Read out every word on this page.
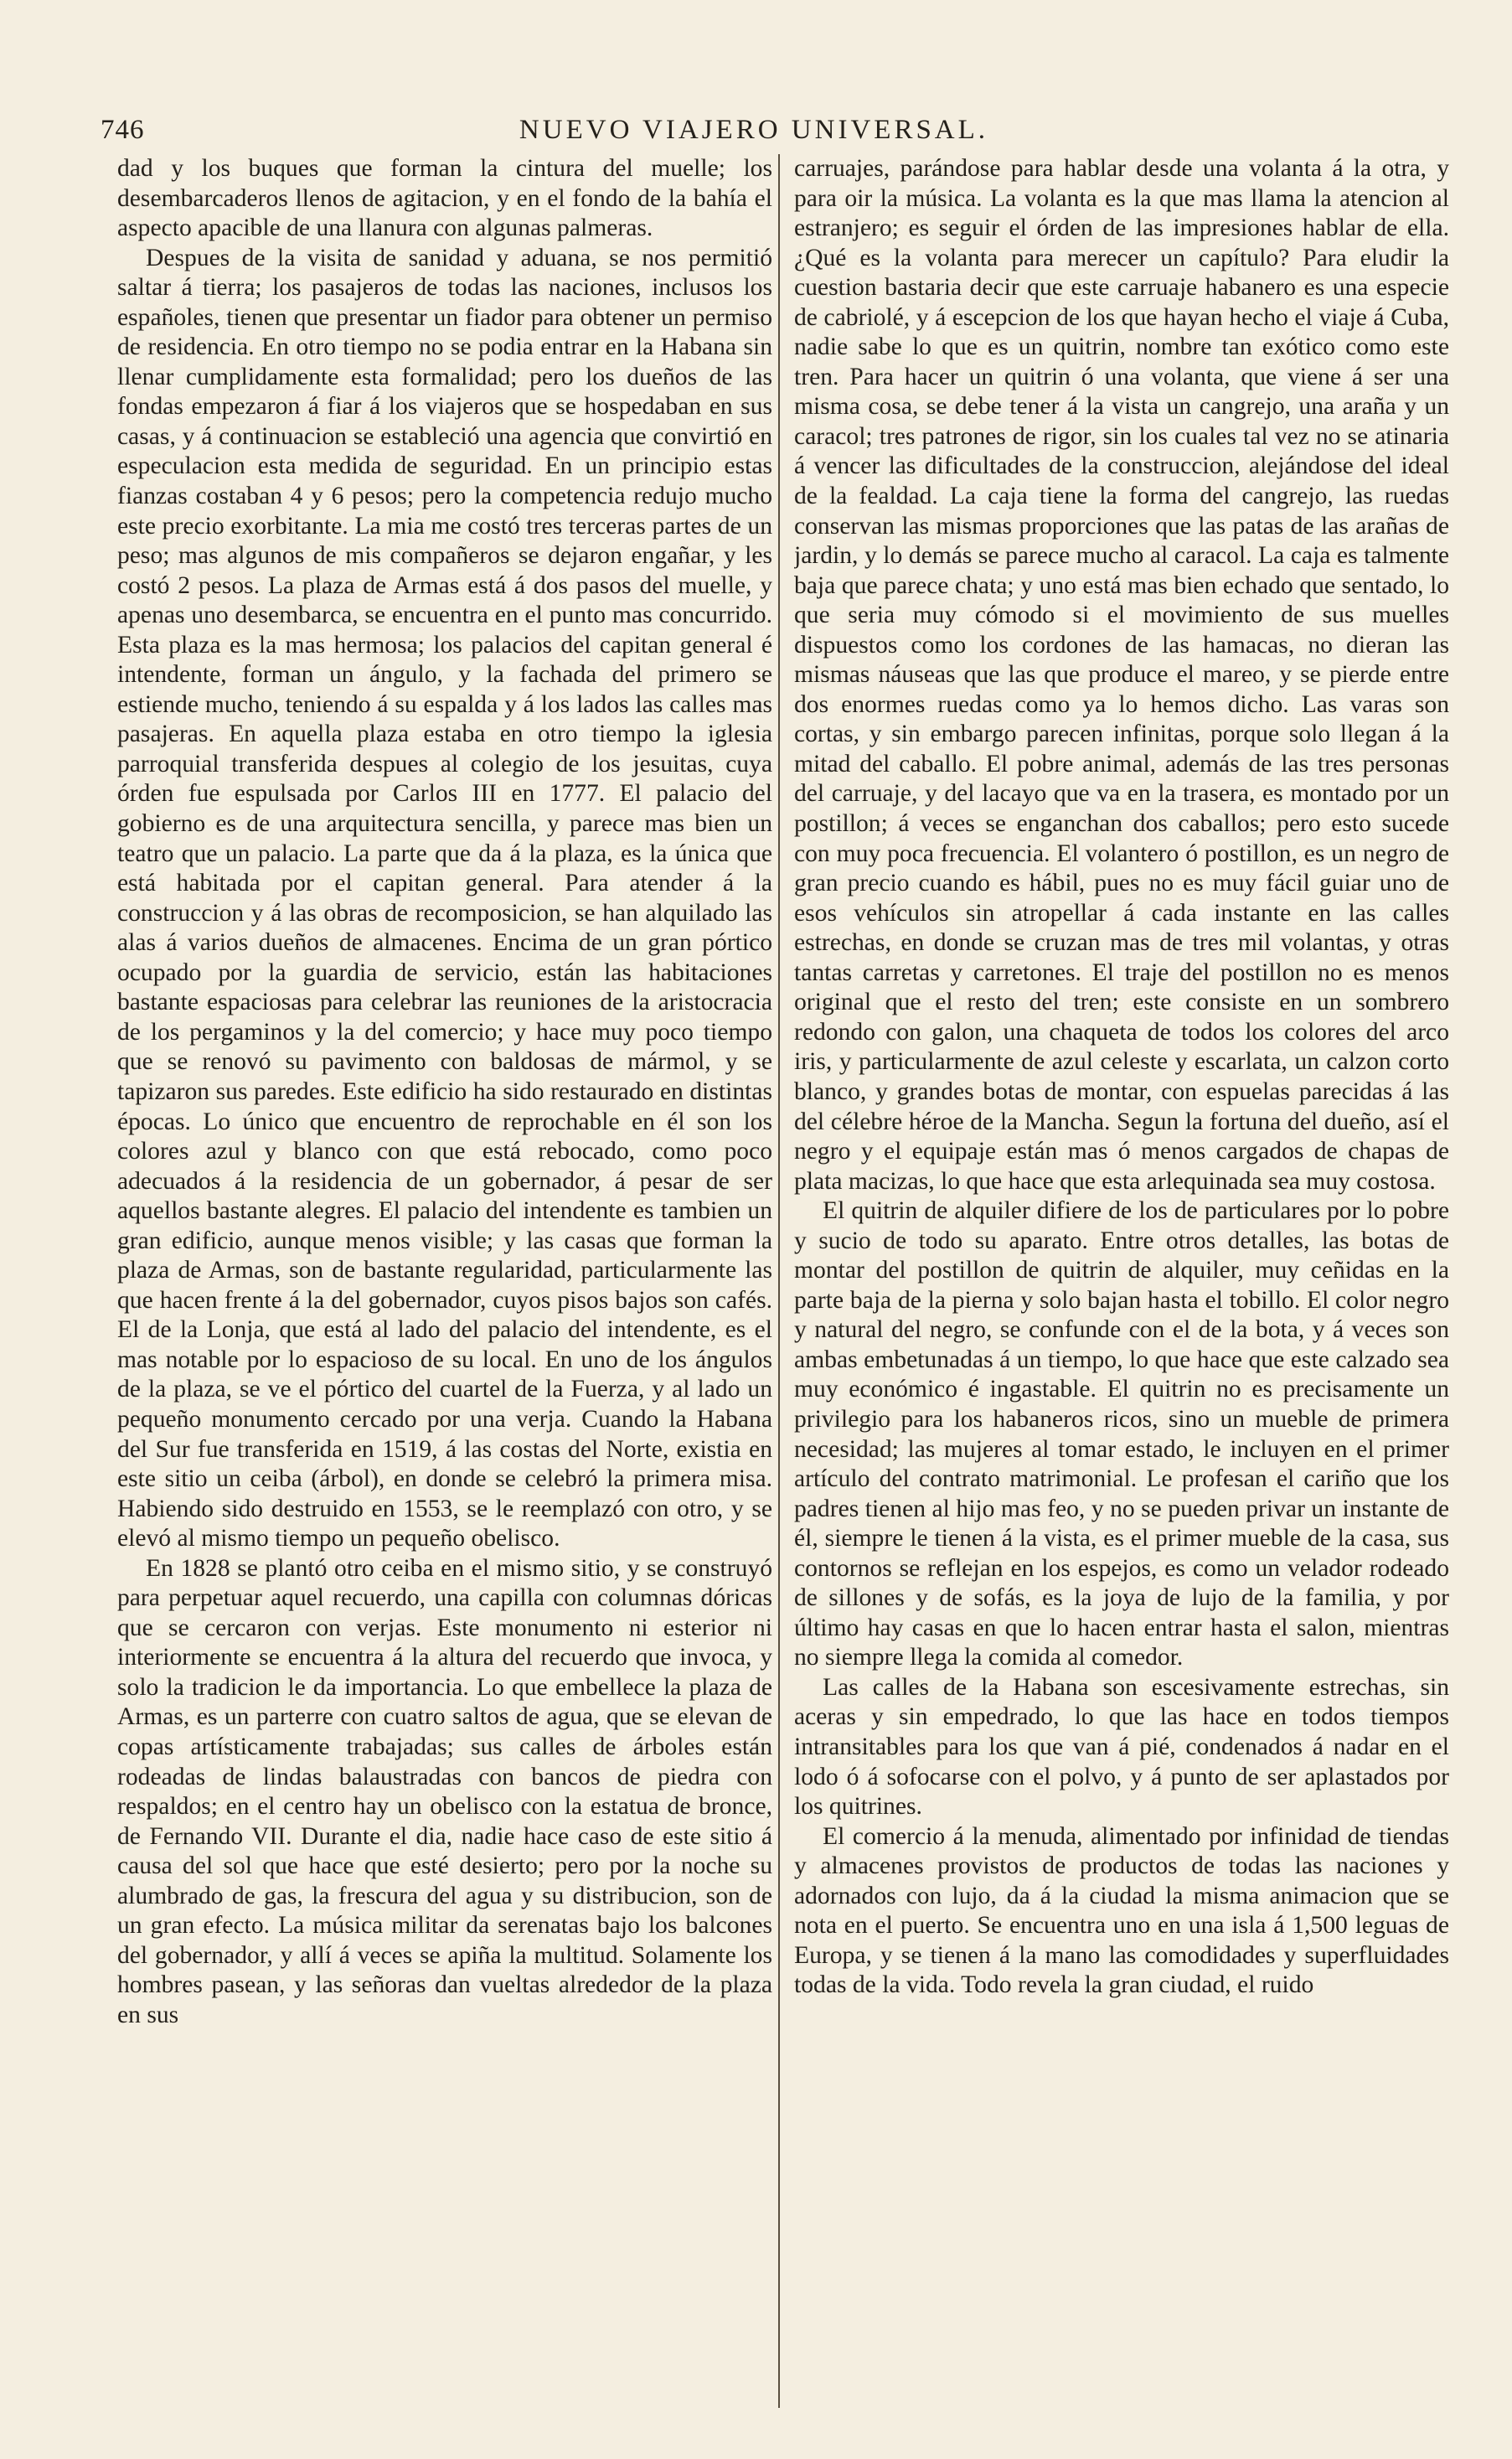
746	NUEVO VIAJERO UNIVERSAL.

dad y los buques que forman la cintura del muelle; los desembarcaderos llenos de agitacion, y en el fondo de la bahía el aspecto apacible de una llanura con algunas palmeras.

Despues de la visita de sanidad y aduana, se nos permitió saltar á tierra; los pasajeros de todas las naciones, inclusos los españoles, tienen que presentar un fiador para obtener un permiso de residencia. En otro tiempo no se podia entrar en la Habana sin llenar cumplidamente esta formalidad; pero los dueños de las fondas empezaron á fiar á los viajeros que se hospedaban en sus casas, y á continuacion se estableció una agencia que convirtió en especulacion esta medida de seguridad. En un principio estas fianzas costaban 4 y 6 pesos; pero la competencia redujo mucho este precio exorbitante. La mia me costó tres terceras partes de un peso; mas algunos de mis compañeros se dejaron engañar, y les costó 2 pesos. La plaza de Armas está á dos pasos del muelle, y apenas uno desembarca, se encuentra en el punto mas concurrido. Esta plaza es la mas hermosa; los palacios del capitan general é intendente, forman un ángulo, y la fachada del primero se estiende mucho, teniendo á su espalda y á los lados las calles mas pasajeras. En aquella plaza estaba en otro tiempo la iglesia parroquial transferida despues al colegio de los jesuitas, cuya órden fue espulsada por Carlos III en 1777. El palacio del gobierno es de una arquitectura sencilla, y parece mas bien un teatro que un palacio. La parte que da á la plaza, es la única que está habitada por el capitan general. Para atender á la construccion y á las obras de recomposicion, se han alquilado las alas á varios dueños de almacenes. Encima de un gran pórtico ocupado por la guardia de servicio, están las habitaciones bastante espaciosas para celebrar las reuniones de la aristocracia de los pergaminos y la del comercio; y hace muy poco tiempo que se renovó su pavimento con baldosas de mármol, y se tapizaron sus paredes. Este edificio ha sido restaurado en distintas épocas. Lo único que encuentro de reprochable en él son los colores azul y blanco con que está rebocado, como poco adecuados á la residencia de un gobernador, á pesar de ser aquellos bastante alegres. El palacio del intendente es tambien un gran edificio, aunque menos visible; y las casas que forman la plaza de Armas, son de bastante regularidad, particularmente las que hacen frente á la del gobernador, cuyos pisos bajos son cafés. El de la Lonja, que está al lado del palacio del intendente, es el mas notable por lo espacioso de su local. En uno de los ángulos de la plaza, se ve el pórtico del cuartel de la Fuerza, y al lado un pequeño monumento cercado por una verja. Cuando la Habana del Sur fue transferida en 1519, á las costas del Norte, existia en este sitio un ceiba (árbol), en donde se celebró la primera misa. Habiendo sido destruido en 1553, se le reemplazó con otro, y se elevó al mismo tiempo un pequeño obelisco.

En 1828 se plantó otro ceiba en el mismo sitio, y se construyó para perpetuar aquel recuerdo, una capilla con columnas dóricas que se cercaron con verjas. Este monumento ni esterior ni interiormente se encuentra á la altura del recuerdo que invoca, y solo la tradicion le da importancia. Lo que embellece la plaza de Armas, es un parterre con cuatro saltos de agua, que se elevan de copas artísticamente trabajadas; sus calles de árboles están rodeadas de lindas balaustradas con bancos de piedra con respaldos; en el centro hay un obelisco con la estatua de bronce, de Fernando VII. Durante el dia, nadie hace caso de este sitio á causa del sol que hace que esté desierto; pero por la noche su alumbrado de gas, la frescura del agua y su distribucion, son de un gran efecto. La música militar da serenatas bajo los balcones del gobernador, y allí á veces se apiña la multitud. Solamente los hombres pasean, y las señoras dan vueltas alrededor de la plaza en sus

carruajes, parándose para hablar desde una volanta á la otra, y para oir la música. La volanta es la que mas llama la atencion al estranjero; es seguir el órden de las impresiones hablar de ella. ¿Qué es la volanta para merecer un capítulo? Para eludir la cuestion bastaria decir que este carruaje habanero es una especie de cabriolé, y á escepcion de los que hayan hecho el viaje á Cuba, nadie sabe lo que es un quitrin, nombre tan exótico como este tren. Para hacer un quitrin ó una volanta, que viene á ser una misma cosa, se debe tener á la vista un cangrejo, una araña y un caracol; tres patrones de rigor, sin los cuales tal vez no se atinaria á vencer las dificultades de la construccion, alejándose del ideal de la fealdad. La caja tiene la forma del cangrejo, las ruedas conservan las mismas proporciones que las patas de las arañas de jardin, y lo demás se parece mucho al caracol. La caja es talmente baja que parece chata; y uno está mas bien echado que sentado, lo que seria muy cómodo si el movimiento de sus muelles dispuestos como los cordones de las hamacas, no dieran las mismas náuseas que las que produce el mareo, y se pierde entre dos enormes ruedas como ya lo hemos dicho. Las varas son cortas, y sin embargo parecen infinitas, porque solo llegan á la mitad del caballo. El pobre animal, además de las tres personas del carruaje, y del lacayo que va en la trasera, es montado por un postillon; á veces se enganchan dos caballos; pero esto sucede con muy poca frecuencia. El volantero ó postillon, es un negro de gran precio cuando es hábil, pues no es muy fácil guiar uno de esos vehículos sin atropellar á cada instante en las calles estrechas, en donde se cruzan mas de tres mil volantas, y otras tantas carretas y carretones. El traje del postillon no es menos original que el resto del tren; este consiste en un sombrero redondo con galon, una chaqueta de todos los colores del arco iris, y particularmente de azul celeste y escarlata, un calzon corto blanco, y grandes botas de montar, con espuelas parecidas á las del célebre héroe de la Mancha. Segun la fortuna del dueño, así el negro y el equipaje están mas ó menos cargados de chapas de plata macizas, lo que hace que esta arlequinada sea muy costosa.

El quitrin de alquiler difiere de los de particulares por lo pobre y sucio de todo su aparato. Entre otros detalles, las botas de montar del postillon de quitrin de alquiler, muy ceñidas en la parte baja de la pierna y solo bajan hasta el tobillo. El color negro y natural del negro, se confunde con el de la bota, y á veces son ambas embetunadas á un tiempo, lo que hace que este calzado sea muy económico é ingastable. El quitrin no es precisamente un privilegio para los habaneros ricos, sino un mueble de primera necesidad; las mujeres al tomar estado, le incluyen en el primer artículo del contrato matrimonial. Le profesan el cariño que los padres tienen al hijo mas feo, y no se pueden privar un instante de él, siempre le tienen á la vista, es el primer mueble de la casa, sus contornos se reflejan en los espejos, es como un velador rodeado de sillones y de sofás, es la joya de lujo de la familia, y por último hay casas en que lo hacen entrar hasta el salon, mientras no siempre llega la comida al comedor.

Las calles de la Habana son escesivamente estrechas, sin aceras y sin empedrado, lo que las hace en todos tiempos intransitables para los que van á pié, condenados á nadar en el lodo ó á sofocarse con el polvo, y á punto de ser aplastados por los quitrines.

El comercio á la menuda, alimentado por infinidad de tiendas y almacenes provistos de productos de todas las naciones y adornados con lujo, da á la ciudad la misma animacion que se nota en el puerto. Se encuentra uno en una isla á 1,500 leguas de Europa, y se tienen á la mano las comodidades y superfluidades todas de la vida. Todo revela la gran ciudad, el ruido
